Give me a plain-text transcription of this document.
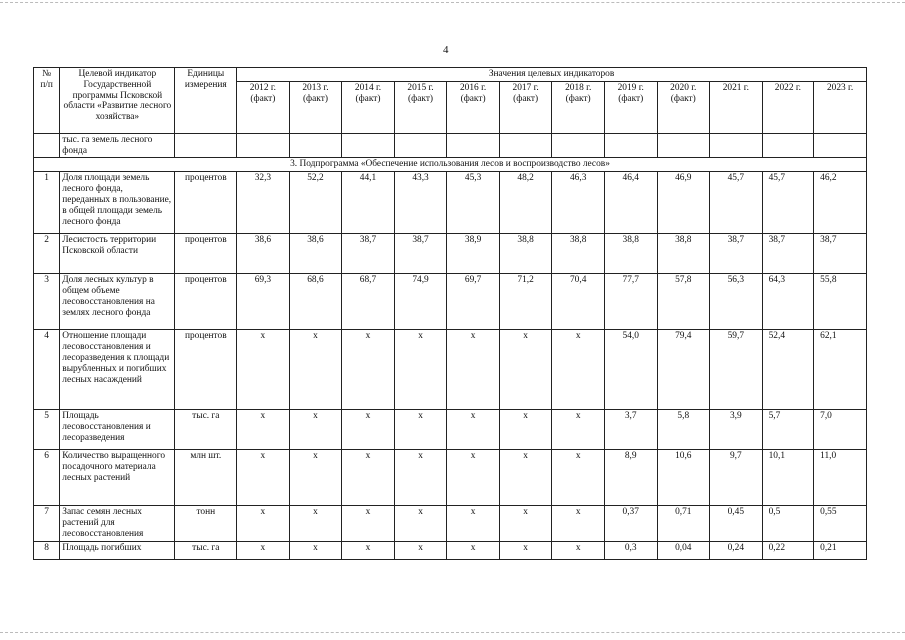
4
№
п/п	Целевой индикатор Государственной программы Псковской области «Развитие лесного хозяйства»	Единицы измерения	Значения целевых индикаторов											
			2012 г. (факт)	2013 г. (факт)	2014 г. (факт)	2015 г. (факт)	2016 г. (факт)	2017 г. (факт)	2018 г. (факт)	2019 г. (факт)	2020 г. (факт)	2021 г.	2022 г.	2023 г.
	тыс. га земель лесного фонда													
3. Подпрограмма «Обеспечение использования лесов и воспроизводство лесов»														
1	Доля площади земель лесного фонда, переданных в пользование, в общей площади земель лесного фонда	процентов	32,3	52,2	44,1	43,3	45,3	48,2	46,3	46,4	46,9	45,7	45,7	46,2
2	Лесистость территории Псковской области	процентов	38,6	38,6	38,7	38,7	38,9	38,8	38,8	38,8	38,8	38,7	38,7	38,7
3	Доля лесных культур в общем объеме лесовосстановления на землях лесного фонда	процентов	69,3	68,6	68,7	74,9	69,7	71,2	70,4	77,7	57,8	56,3	64,3	55,8
4	Отношение площади лесовосстановления и лесоразведения к площади вырубленных и погибших лесных насаждений	процентов	х	х	х	х	х	х	х	54,0	79,4	59,7	52,4	62,1
5	Площадь лесовосстановления и лесоразведения	тыс. га	х	х	х	х	х	х	х	3,7	5,8	3,9	5,7	7,0
6	Количество выращенного посадочного материала лесных растений	млн шт.	х	х	х	х	х	х	х	8,9	10,6	9,7	10,1	11,0
7	Запас семян лесных растений для лесовосстановления	тонн	х	х	х	х	х	х	х	0,37	0,71	0,45	0,5	0,55
8	Площадь погибших	тыс. га	х	х	х	х	х	х	х	0,3	0,04	0,24	0,22	0,21
